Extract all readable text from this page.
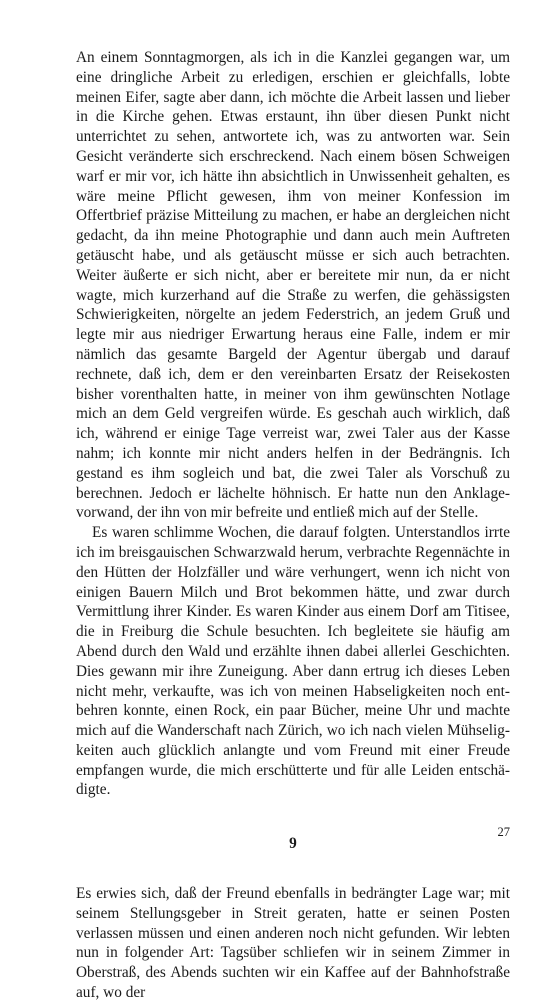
An einem Sonntagmorgen, als ich in die Kanzlei gegangen war, um eine dringliche Arbeit zu erledigen, erschien er gleichfalls, lobte meinen Eifer, sagte aber dann, ich möchte die Arbeit lassen und lieber in die Kirche gehen. Etwas erstaunt, ihn über diesen Punkt nicht unterrichtet zu sehen, antwortete ich, was zu antworten war. Sein Gesicht veränderte sich erschreckend. Nach einem bösen Schweigen warf er mir vor, ich hätte ihn absichtlich in Unwissenheit gehalten, es wäre meine Pflicht gewesen, ihm von meiner Konfession im Offertbrief präzise Mitteilung zu machen, er habe an dergleichen nicht gedacht, da ihn meine Photographie und dann auch mein Auftreten getäuscht habe, und als getäuscht müsse er sich auch betrachten. Weiter äußerte er sich nicht, aber er bereitete mir nun, da er nicht wagte, mich kurzerhand auf die Straße zu werfen, die gehässigsten Schwierigkeiten, nörgelte an jedem Federstrich, an jedem Gruß und legte mir aus niedriger Erwartung heraus eine Falle, indem er mir nämlich das gesamte Bargeld der Agentur übergab und darauf rechnete, daß ich, dem er den vereinbarten Ersatz der Reisekosten bisher vorenthalten hatte, in meiner von ihm gewünschten Notlage mich an dem Geld vergreifen würde. Es geschah auch wirklich, daß ich, während er einige Tage verreist war, zwei Taler aus der Kasse nahm; ich konnte mir nicht anders helfen in der Bedrängnis. Ich gestand es ihm sogleich und bat, die zwei Taler als Vorschuß zu berechnen. Jedoch er lächelte höhnisch. Er hatte nun den Anklagevorwand, der ihn von mir befreite und entließ mich auf der Stelle.

Es waren schlimme Wochen, die darauf folgten. Unterstandlos irrte ich im breisgauischen Schwarzwald herum, verbrachte Regennächte in den Hütten der Holzfäller und wäre verhungert, wenn ich nicht von einigen Bauern Milch und Brot bekommen hätte, und zwar durch Vermittlung ihrer Kinder. Es waren Kinder aus einem Dorf am Titisee, die in Freiburg die Schule besuchten. Ich begleitete sie häufig am Abend durch den Wald und erzählte ihnen dabei allerlei Geschichten. Dies gewann mir ihre Zuneigung. Aber dann ertrug ich dieses Leben nicht mehr, verkaufte, was ich von meinen Habseligkeiten noch entbehren konnte, einen Rock, ein paar Bücher, meine Uhr und machte mich auf die Wanderschaft nach Zürich, wo ich nach vielen Mühseligkeiten auch glücklich anlangte und vom Freund mit einer Freude empfangen wurde, die mich erschütterte und für alle Leiden entschädigte.

9

Es erwies sich, daß der Freund ebenfalls in bedrängter Lage war; mit seinem Stellungsgeber in Streit geraten, hatte er seinen Posten verlassen müssen und einen anderen noch nicht gefunden. Wir lebten nun in folgender Art: Tagsüber schliefen wir in seinem Zimmer in Oberstraß, des Abends suchten wir ein Kaffee auf der Bahnhofstraße auf, wo der

27
